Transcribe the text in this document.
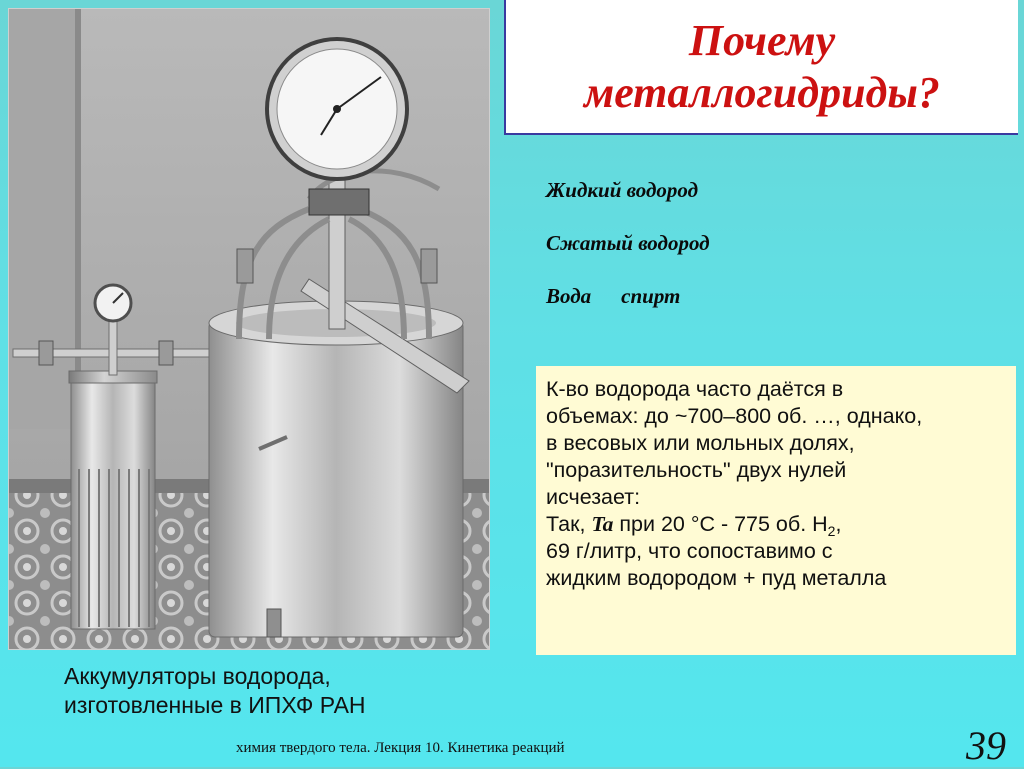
Почему
металлогидриды?
Жидкий водород
Сжатый водород
Вода спирт
К-во водорода часто даётся в
объемах: до ~700–800 об. …, однако,
в весовых или мольных долях,
"поразительность" двух нулей
исчезает:
Так, Ta при 20 °C - 775 об. $H_2$,
69 г/литр, что сопоставимо с
жидким водородом + пуд металла
Аккумуляторы водорода,
изготовленные в ИПХФ РАН
химия твердого тела. Лекция 10. Кинетика реакций	39
